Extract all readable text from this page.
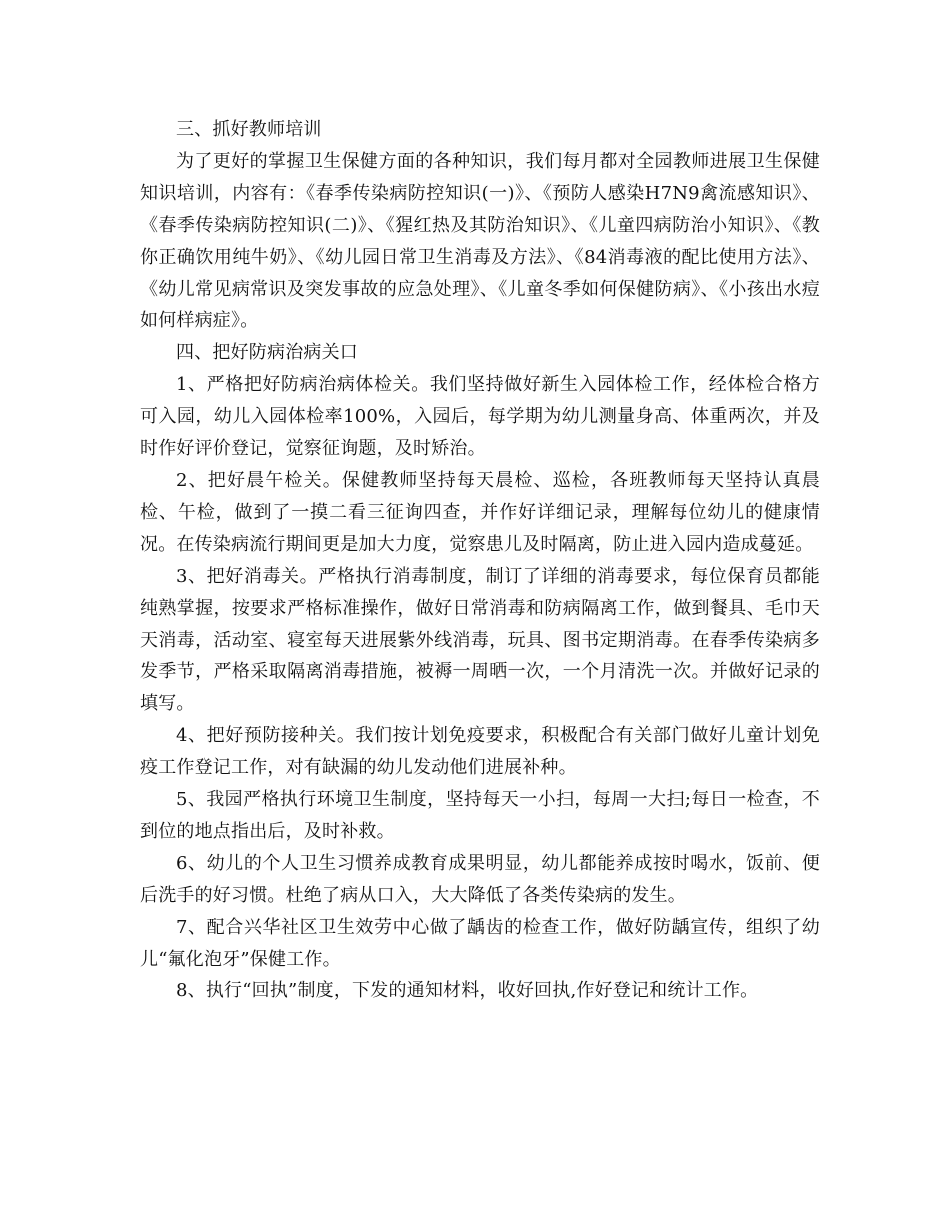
三、抓好教师培训

为了更好的掌握卫生保健方面的各种知识，我们每月都对全园教师进展卫生保健知识培训，内容有：《春季传染病防控知识(一)》、《预防人感染H7N9禽流感知识》、《春季传染病防控知识(二)》、《猩红热及其防治知识》、《儿童四病防治小知识》、《教你正确饮用纯牛奶》、《幼儿园日常卫生消毒及方法》、《84消毒液的配比使用方法》、《幼儿常见病常识及突发事故的应急处理》、《儿童冬季如何保健防病》、《小孩出水痘如何样病症》。

四、把好防病治病关口

1、严格把好防病治病体检关。我们坚持做好新生入园体检工作，经体检合格方可入园，幼儿入园体检率100%，入园后，每学期为幼儿测量身高、体重两次，并及时作好评价登记，觉察征询题，及时矫治。

2、把好晨午检关。保健教师坚持每天晨检、巡检，各班教师每天坚持认真晨检、午检，做到了一摸二看三征询四查，并作好详细记录，理解每位幼儿的健康情况。在传染病流行期间更是加大力度，觉察患儿及时隔离，防止进入园内造成蔓延。

3、把好消毒关。严格执行消毒制度，制订了详细的消毒要求，每位保育员都能纯熟掌握，按要求严格标准操作，做好日常消毒和防病隔离工作，做到餐具、毛巾天天消毒，活动室、寝室每天进展紫外线消毒，玩具、图书定期消毒。在春季传染病多发季节，严格采取隔离消毒措施，被褥一周晒一次，一个月清洗一次。并做好记录的填写。

4、把好预防接种关。我们按计划免疫要求，积极配合有关部门做好儿童计划免疫工作登记工作，对有缺漏的幼儿发动他们进展补种。

5、我园严格执行环境卫生制度，坚持每天一小扫，每周一大扫;每日一检查，不到位的地点指出后，及时补救。

6、幼儿的个人卫生习惯养成教育成果明显，幼儿都能养成按时喝水，饭前、便后洗手的好习惯。杜绝了病从口入，大大降低了各类传染病的发生。

7、配合兴华社区卫生效劳中心做了龋齿的检查工作，做好防龋宣传，组织了幼儿“氟化泡牙”保健工作。

8、执行“回执”制度，下发的通知材料，收好回执,作好登记和统计工作。
